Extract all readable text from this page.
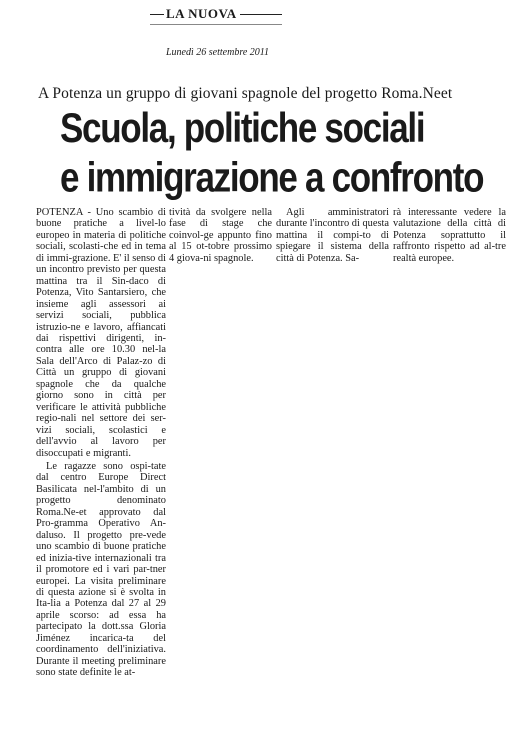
LA NUOVA
Lunedì 26 settembre 2011
A Potenza un gruppo di giovani spagnole del progetto Roma.Neet
Scuola, politiche sociali
e immigrazione a confronto

POTENZA - Uno scambio di buone pratiche a livel-lo europeo in materia di politiche sociali, scolasti-che ed in tema di immi-grazione. E' il senso di un incontro previsto per questa mattina tra il Sin-daco di Potenza, Vito Santarsiero, che insieme agli assessori ai servizi sociali, pubblica istruzio-ne e lavoro, affiancati dai rispettivi dirigenti, in-contra alle ore 10.30 nel-la Sala dell'Arco di Palaz-zo di Città un gruppo di giovani spagnole che da qualche giorno sono in città per verificare le attività pubbliche regio-nali nel settore dei ser-vizi sociali, scolastici e dell'avvio al lavoro per disoccupati e migranti.

Le ragazze sono ospi-tate dal centro Europe Direct Basilicata nel-l'ambito di un progetto denominato Roma.Ne-et approvato dal Pro-gramma Operativo An-daluso. Il progetto pre-vede uno scambio di buone pratiche ed inizia-tive internazionali tra il promotore ed i vari par-tner europei. La visita preliminare di questa azione si è svolta in Ita-lia a Potenza dal 27 al 29 aprile scorso: ad essa ha partecipato la dott.ssa Gloria Jiménez incarica-ta del coordinamento dell'iniziativa. Durante il meeting preliminare sono state definite le at-

tività da svolgere nella fase di stage che coinvol-ge appunto fino al 15 ot-tobre prossimo 4 giova-ni spagnole.

Agli amministratori durante l'incontro di questa mattina il compi-to di spiegare il sistema della città di Potenza. Sa-

rà interessante vedere la valutazione della città di Potenza soprattutto il raffronto rispetto ad al-tre realtà europee.
